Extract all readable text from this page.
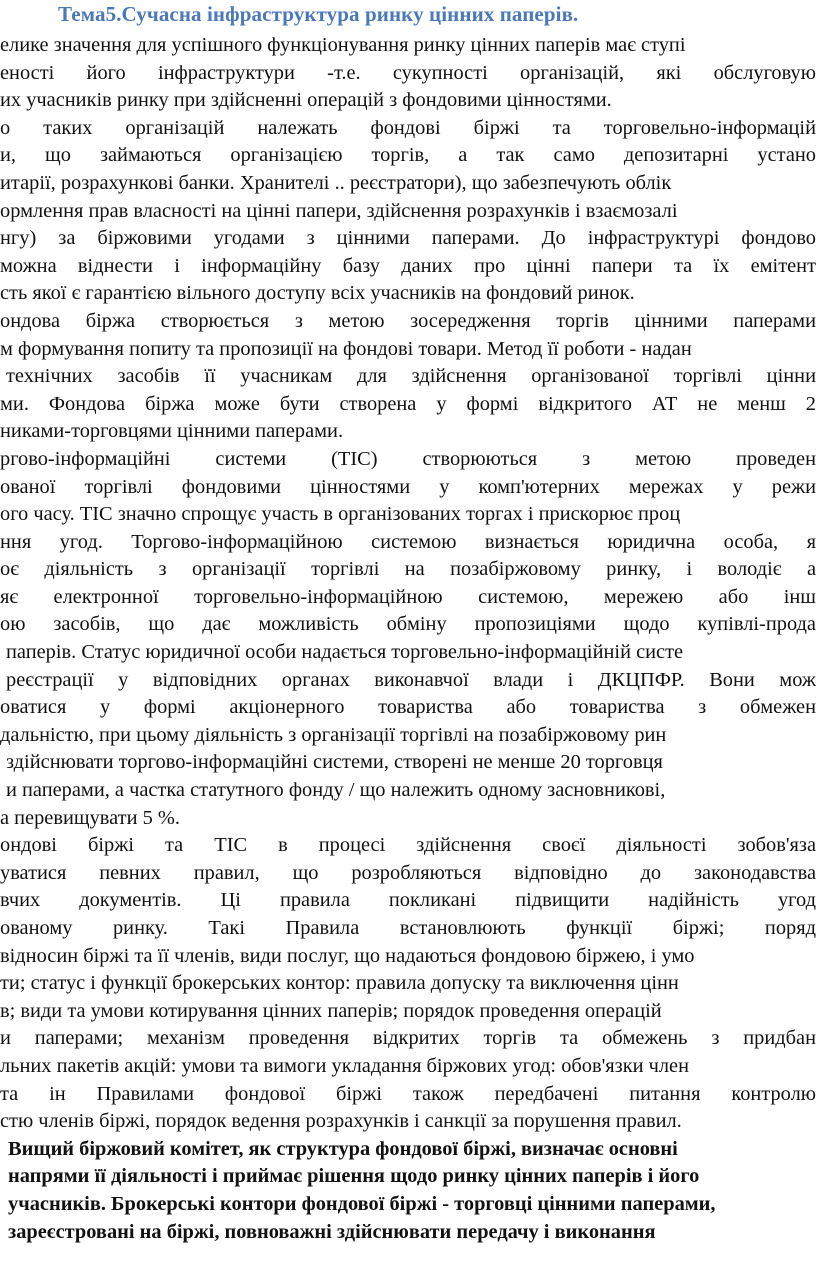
Тема5.Сучасна інфраструктура ринку цінних паперів.
елике значення для успішного функціонування ринку цінних паперів має ступі
еності його інфраструктури -т.е. сукупності організацій, які обслуговую
их учасників ринку при здійсненні операцій з фондовими цінностями.
о таких організацій належать фондові біржі та торговельно-інформацій
и, що займаються організацією торгів, а так само депозитарні устано
итарії, розрахункові банки. Хранителі .. реєстратори), що забезпечують облік
ормлення прав власності на цінні папери, здійснення розрахунків і взаємозалі
нгу) за біржовими угодами з цінними паперами. До інфраструктурі фондово
можна віднести і інформаційну базу даних про цінні папери та їх емітент
сть якої є гарантією вільного доступу всіх учасників на фондовий ринок.
ондова біржа створюється з метою зосередження торгів цінними паперами
м формування попиту та пропозиції на фондові товари. Метод її роботи - надан
технічних засобів її учасникам для здійснення організованої торгівлі цінни
ми. Фондова біржа може бути створена у формі відкритого АТ не менш 2
никами-торговцями цінними паперами.
ргово-інформаційні системи (ТІС) створюються з метою проведен
ованої торгівлі фондовими цінностями у комп'ютерних мережах у режи
ого часу. ТІС значно спрощує участь в організованих торгах і прискорює проц
ння угод. Торгово-інформаційною системою визнається юридична особа, я
оє діяльність з організації торгівлі на позабіржовому ринку, і володіє а
яє електронної торговельно-інформаційною системою, мережею або інш
ою засобів, що дає можливість обміну пропозиціями щодо купівлі-прода
паперів. Статус юридичної особи надається торговельно-інформаційній систе
реєстрації у відповідних органах виконавчої влади і ДКЦПФР. Вони мож
оватися у формі акціонерного товариства або товариства з обмежен
дальністю, при цьому діяльність з організації торгівлі на позабіржовому рин
здійснювати торгово-інформаційні системи, створені не менше 20 торговця
и паперами, а частка статутного фонду / що належить одному засновникові,
а перевищувати 5 %.
ондові біржі та ТІС в процесі здійснення своєї діяльності зобов'яза
уватися певних правил, що розробляються відповідно до законодавства
вчих документів. Ці правила покликані підвищити надійність угод
ованому ринку. Такі Правила встановлюють функції біржі; поряд
відносин біржі та її членів, види послуг, що надаються фондовою біржею, і умо
ти; статус і функції брокерських контор: правила допуску та виключення цінн
в; види та умови котирування цінних паперів; порядок проведення операцій
и паперами; механізм проведення відкритих торгів та обмежень з придбан
льних пакетів акцій: умови та вимоги укладання біржових угод: обов'язки член
та ін Правилами фондової біржі також передбачені питання контролю
стю членів біржі, порядок ведення розрахунків і санкції за порушення правил.
Вищий біржовий комітет, як структура фондової біржі, визначає основні
напрями її діяльності і приймає рішення щодо ринку цінних паперів і його
учасників. Брокерські контори фондової біржі - торговці цінними паперами,
зареєстровані на біржі, повноважні здійснювати передачу і виконання
